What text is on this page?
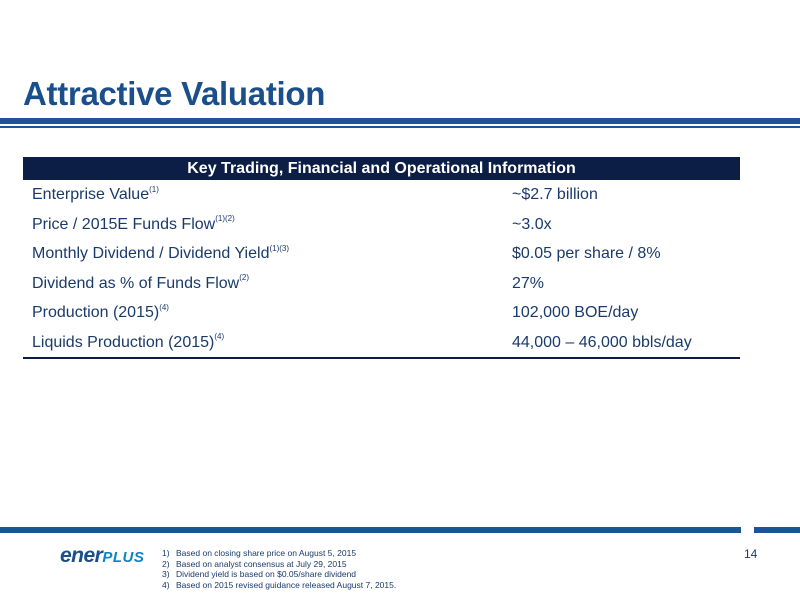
Attractive Valuation
Key Trading, Financial and Operational Information
Enterprise Value$^{(1)}$	~$2.7 billion
Price / 2015E Funds Flow$^{(1)(2)}$	~3.0x
Monthly Dividend / Dividend Yield$^{(1)(3)}$	$0.05 per share / 8%
Dividend as % of Funds Flow$^{(2)}$	27%
Production $(2015)^{(4)}$	102,000 BOE/day
Liquids Production $(2015)^{(4)}$	44,000 – 46,000 bbls/day
enerPLUS 1) Based on closing share price on August 5, 2015
2) Based on analyst consensus at July 29, 2015
3) Dividend yield is based on $0.05/share dividend
4) Based on 2015 revised guidance released August 7, 2015.
14
